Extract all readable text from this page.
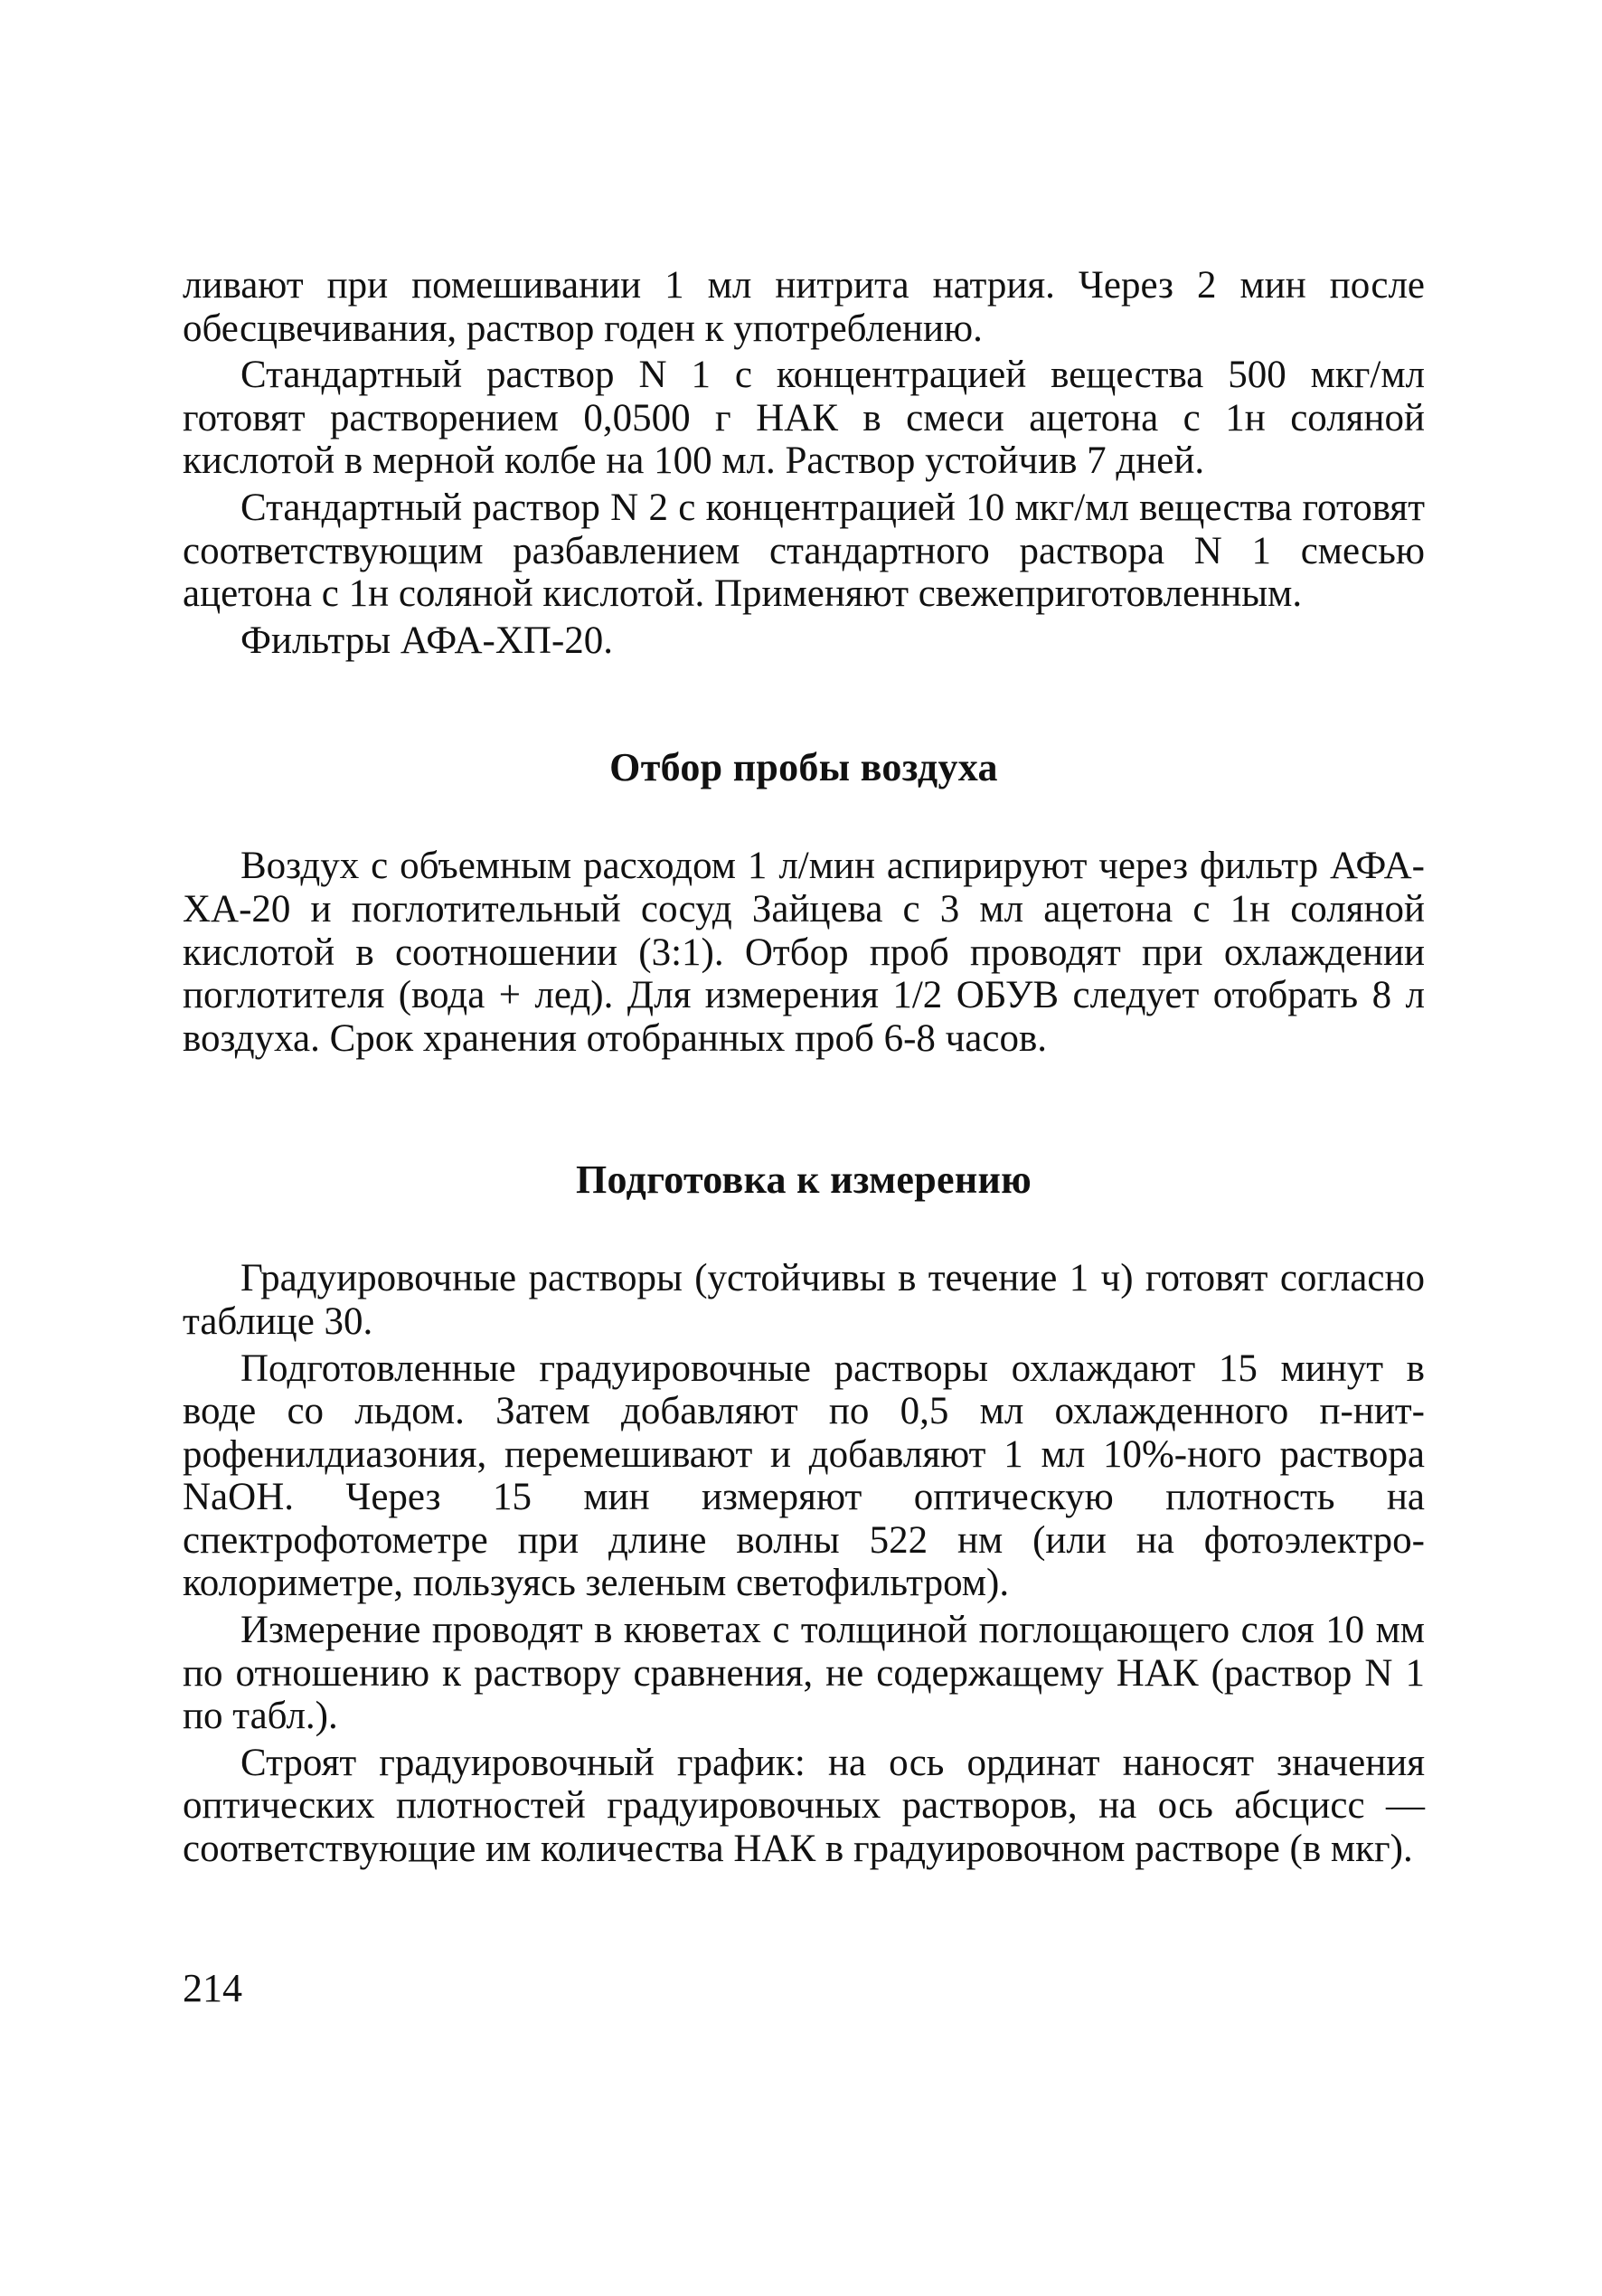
ливают при помешивании 1 мл нитрита натрия. Через 2 мин после обесцвечивания, раствор годен к употреблению.

Стандартный раствор N 1 с концентрацией вещества 500 мкг/мл готовят растворением 0,0500 г НАК в смеси ацетона с 1н соляной кислотой в мерной колбе на 100 мл. Раствор устойчив 7 дней.

Стандартный раствор N 2 с концентрацией 10 мкг/мл вещества готовят соответствующим разбавлением стандартного раствора N 1 смесью ацетона с 1н соляной кислотой. Применяют свежеприготовленным.

Фильтры АФА-ХП-20.

Отбор пробы воздуха

Воздух с объемным расходом 1 л/мин аспирируют через фильтр АФА-ХА-20 и поглотительный сосуд Зайцева с 3 мл ацетона с 1н соляной кислотой в соотношении (3:1). Отбор проб проводят при охлаждении поглотителя (вода + лед). Для измерения 1/2 ОБУВ следует отобрать 8 л воздуха. Срок хранения отобранных проб 6-8 часов.

Подготовка к измерению

Градуировочные растворы (устойчивы в течение 1 ч) готовят согласно таблице 30.

Подготовленные градуировочные растворы охлаждают 15 минут в воде со льдом. Затем добавляют по 0,5 мл охлажденного п-нитрофенилдиазония, перемешивают и добавляют 1 мл 10%-ного раствора NaOH. Через 15 мин измеряют оптическую плотность на спектрофотометре при длине волны 522 нм (или на фотоэлектроколориметре, пользуясь зеленым светофильтром).

Измерение проводят в кюветах с толщиной поглощающего слоя 10 мм по отношению к раствору сравнения, не содержащему НАК (раствор N 1 по табл.).

Строят градуировочный график: на ось ординат наносят значения оптических плотностей градуировочных растворов, на ось абсцисс — соответствующие им количества НАК в градуировочном растворе (в мкг).

214
